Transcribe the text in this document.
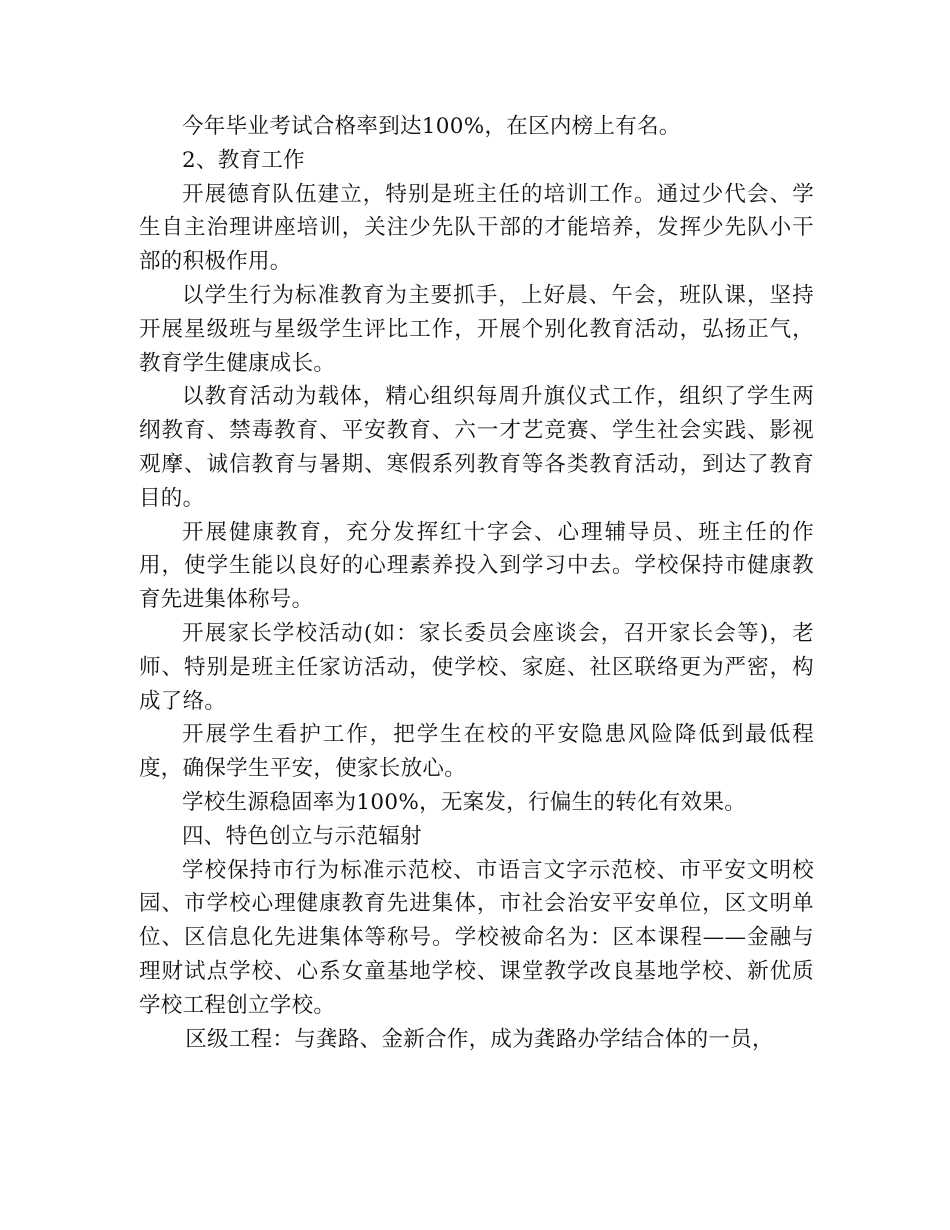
今年毕业考试合格率到达100%，在区内榜上有名。

2、教育工作

开展德育队伍建立，特别是班主任的培训工作。通过少代会、学生自主治理讲座培训，关注少先队干部的才能培养，发挥少先队小干部的积极作用。

以学生行为标准教育为主要抓手，上好晨、午会，班队课，坚持开展星级班与星级学生评比工作，开展个别化教育活动，弘扬正气，教育学生健康成长。

以教育活动为载体，精心组织每周升旗仪式工作，组织了学生两纲教育、禁毒教育、平安教育、六一才艺竞赛、学生社会实践、影视观摩、诚信教育与暑期、寒假系列教育等各类教育活动，到达了教育目的。

开展健康教育，充分发挥红十字会、心理辅导员、班主任的作用，使学生能以良好的心理素养投入到学习中去。学校保持市健康教育先进集体称号。

开展家长学校活动(如：家长委员会座谈会，召开家长会等)，老师、特别是班主任家访活动，使学校、家庭、社区联络更为严密，构成了络。

开展学生看护工作，把学生在校的平安隐患风险降低到最低程度，确保学生平安，使家长放心。

学校生源稳固率为100%，无案发，行偏生的转化有效果。

四、特色创立与示范辐射

学校保持市行为标准示范校、市语言文字示范校、市平安文明校园、市学校心理健康教育先进集体，市社会治安平安单位，区文明单位、区信息化先进集体等称号。学校被命名为：区本课程——金融与理财试点学校、心系女童基地学校、课堂教学改良基地学校、新优质学校工程创立学校。

区级工程：与龚路、金新合作，成为龚路办学结合体的一员，
